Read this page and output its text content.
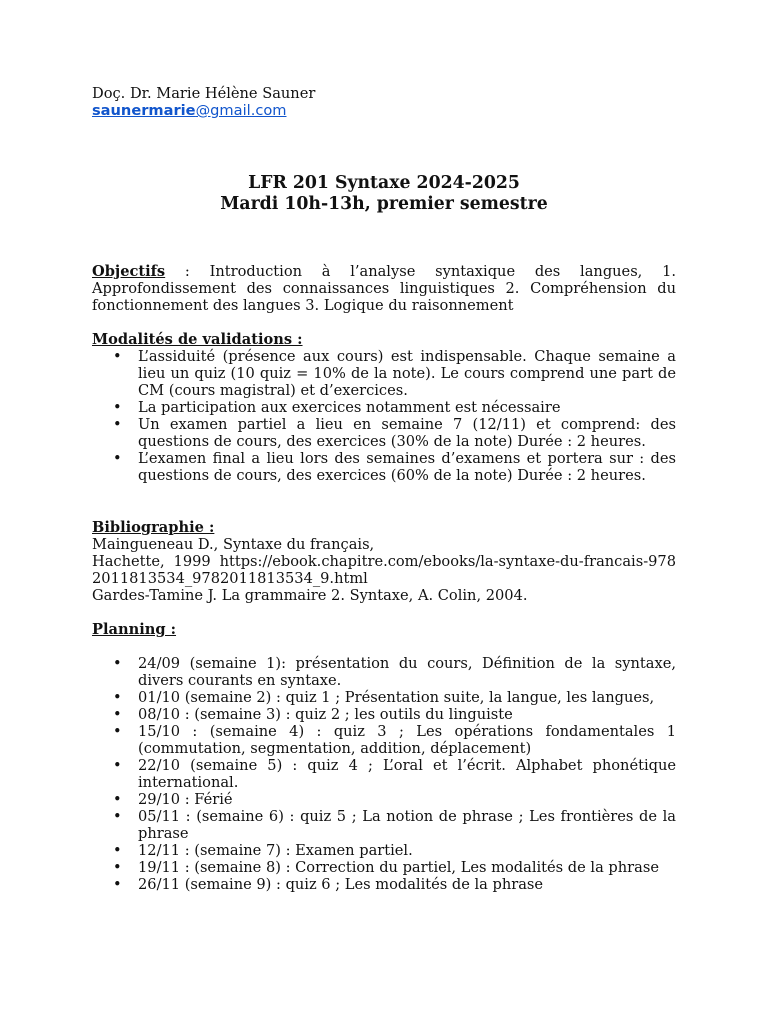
Doç. Dr. Marie Hélène Sauner
saunermarie@gmail.com
LFR 201 Syntaxe 2024-2025
Mardi 10h-13h, premier semestre
Objectifs : Introduction à l’analyse syntaxique des langues, 1. Approfondissement des connaissances linguistiques 2. Compréhension du fonctionnement des langues 3. Logique du raisonnement
Modalités de validations :
• L’assiduité (présence aux cours) est indispensable. Chaque semaine a lieu un quiz (10 quiz = 10% de la note). Le cours comprend une part de CM (cours magistral) et d’exercices.
• La participation aux exercices notamment est nécessaire
• Un examen partiel a lieu en semaine 7 (12/11) et comprend: des questions de cours, des exercices (30% de la note) Durée : 2 heures.
• L’examen final a lieu lors des semaines d’examens et portera sur : des questions de cours, des exercices (60% de la note) Durée : 2 heures.
Bibliographie :
Maingueneau D., Syntaxe du français,
Hachette, 1999 https://ebook.chapitre.com/ebooks/la-syntaxe-du-francais-9782011813534_9782011813534_9.html
Gardes-Tamine J. La grammaire 2. Syntaxe, A. Colin, 2004.
Planning :
• 24/09 (semaine 1): présentation du cours, Définition de la syntaxe, divers courants en syntaxe.
• 01/10 (semaine 2) : quiz 1 ; Présentation suite, la langue, les langues,
• 08/10 : (semaine 3) : quiz 2 ; les outils du linguiste
• 15/10 : (semaine 4) : quiz 3 ; Les opérations fondamentales 1 (commutation, segmentation, addition, déplacement)
• 22/10 (semaine 5) : quiz 4 ; L’oral et l’écrit. Alphabet phonétique international.
• 29/10 : Férié
• 05/11 : (semaine 6) : quiz 5 ; La notion de phrase ; Les frontières de la phrase
• 12/11 : (semaine 7) : Examen partiel.
• 19/11 : (semaine 8) : Correction du partiel, Les modalités de la phrase
• 26/11 (semaine 9) : quiz 6 ; Les modalités de la phrase
